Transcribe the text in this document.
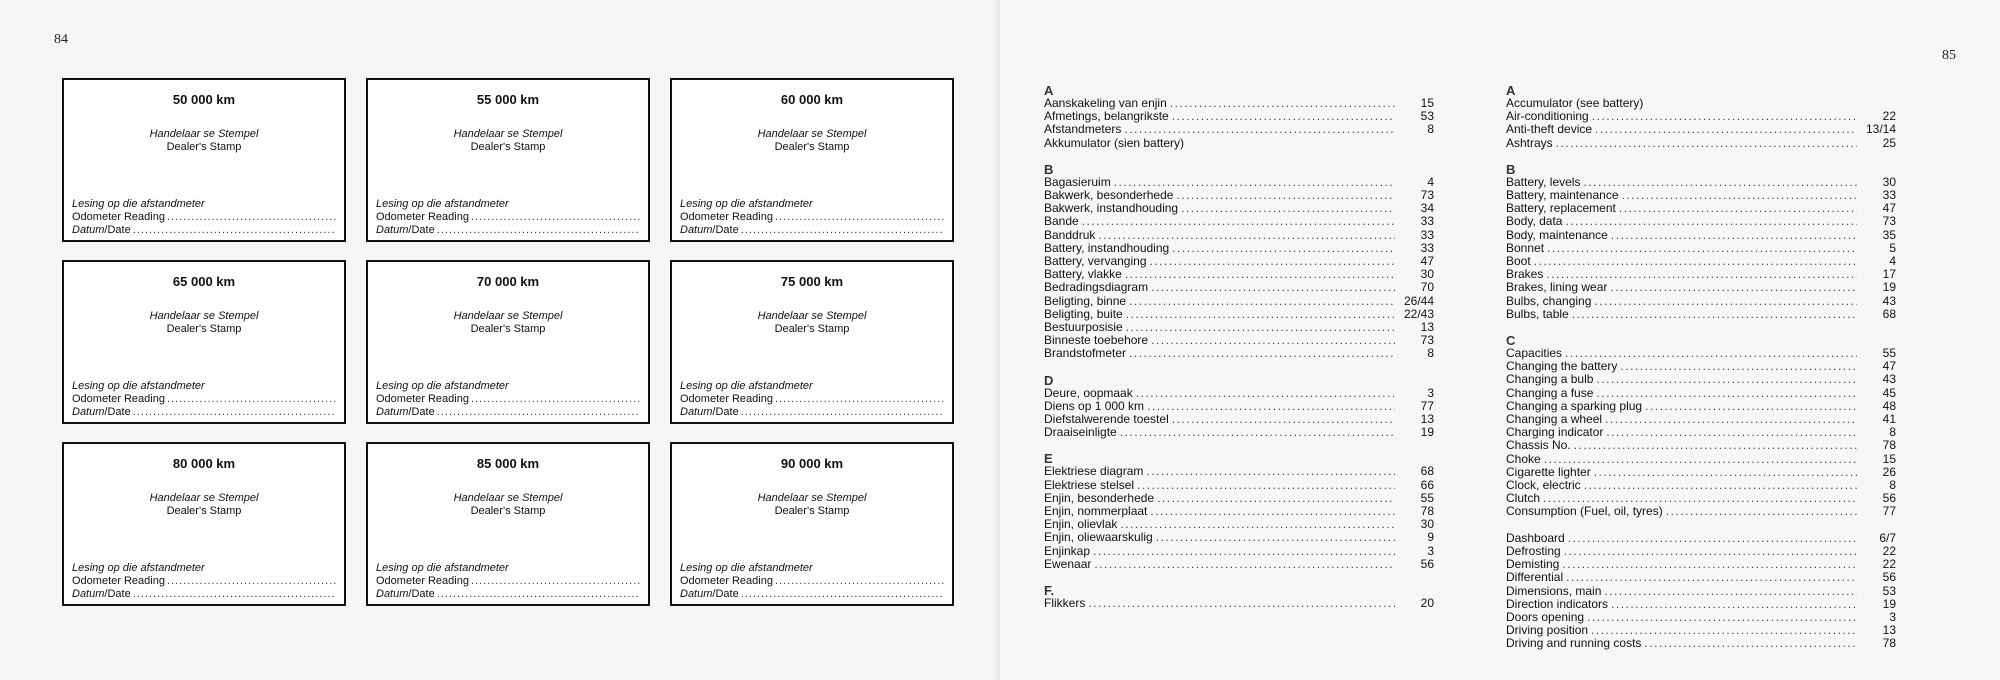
84
50 000 km
Handelaar se Stempel
Dealer's Stamp
Lesing op die afstandmeter
Odometer Reading
.....
Datum/Date
.....
55 000 km
Handelaar se Stempel
Dealer's Stamp
Lesing op die afstandmeter
Odometer Reading
.....
Datum/Date
.....
60 000 km
Handelaar se Stempel
Dealer's Stamp
Lesing op die afstandmeter
Odometer Reading
.....
Datum/Date
.....
65 000 km
Handelaar se Stempel
Dealer's Stamp
Lesing op die afstandmeter
Odometer Reading
.....
Datum/Date
.....
70 000 km
Handelaar se Stempel
Dealer's Stamp
Lesing op die afstandmeter
Odometer Reading
.....
Datum/Date
.....
75 000 km
Handelaar se Stempel
Dealer's Stamp
Lesing op die afstandmeter
Odometer Reading
.....
Datum/Date
.....
80 000 km
Handelaar se Stempel
Dealer's Stamp
Lesing op die afstandmeter
Odometer Reading
.....
Datum/Date
.....
85 000 km
Handelaar se Stempel
Dealer's Stamp
Lesing op die afstandmeter
Odometer Reading
.....
Datum/Date
.....
90 000 km
Handelaar se Stempel
Dealer's Stamp
Lesing op die afstandmeter
Odometer Reading
.....
Datum/Date
.....
85
A
Aanskakeling van enjin .....	15
Afmetings, belangrikste .....	53
Afstandmeters .....	8
Akkumulator (sien battery)
B
Bagasieruim .....	4
Bakwerk, besonderhede .....	73
Bakwerk, instandhouding .....	34
Bande .....	33
Banddruk .....	33
Battery, instandhouding .....	33
Battery, vervanging .....	47
Battery, vlakke .....	30
Bedradingsdiagram .....	70
Beligting, binne .....	26/44
Beligting, buite .....	22/43
Bestuurposisie .....	13
Binneste toebehore .....	73
Brandstofmeter .....	8
D
Deure, oopmaak .....	3
Diens op 1 000 km .....	77
Diefstalwerende toestel .....	13
Draaiseinligte .....	19
E
Elektriese diagram .....	68
Elektriese stelsel .....	66
Enjin, besonderhede .....	55
Enjin, nommerplaat .....	78
Enjin, olievlak .....	30
Enjin, oliewaarskulig .....	9
Enjinkap .....	3
Ewenaar .....	56
F.
Flikkers .....	20
A
Accumulator (see battery)
Air-conditioning .....	22
Anti-theft device .....	13/14
Ashtrays .....	25
B
Battery, levels .....	30
Battery, maintenance .....	33
Battery, replacement .....	47
Body, data .....	73
Body, maintenance .....	35
Bonnet .....	5
Boot .....	4
Brakes .....	17
Brakes, lining wear .....	19
Bulbs, changing .....	43
Bulbs, table .....	68
C
Capacities .....	55
Changing the battery .....	47
Changing a bulb .....	43
Changing a fuse .....	45
Changing a sparking plug .....	48
Changing a wheel .....	41
Charging indicator .....	8
Chassis No. .....	78
Choke .....	15
Cigarette lighter .....	26
Clock, electric .....	8
Clutch .....	56
Consumption (Fuel, oil, tyres) .....	77
Dashboard .....	6/7
Defrosting .....	22
Demisting .....	22
Differential .....	56
Dimensions, main .....	53
Direction indicators .....	19
Doors opening .....	3
Driving position .....	13
Driving and running costs .....	78
